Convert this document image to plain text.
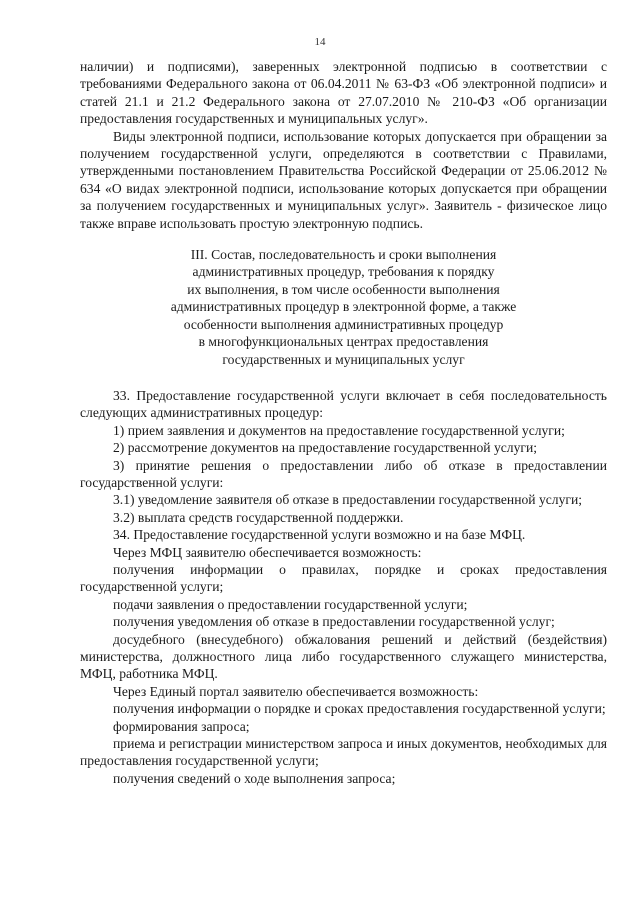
14

наличии) и подписями), заверенных электронной подписью в соответствии с требованиями Федерального закона от 06.04.2011 № 63-ФЗ «Об электронной подписи» и статей 21.1 и 21.2 Федерального закона от 27.07.2010 № 210-ФЗ «Об организации предоставления государственных и муниципальных услуг».

Виды электронной подписи, использование которых допускается при обращении за получением государственной услуги, определяются в соответствии с Правилами, утвержденными постановлением Правительства Российской Федерации от 25.06.2012 № 634 «О видах электронной подписи, использование которых допускается при обращении за получением государственных и муниципальных услуг». Заявитель - физическое лицо также вправе использовать простую электронную подпись.

III. Состав, последовательность и сроки выполнения
административных процедур, требования к порядку
их выполнения, в том числе особенности выполнения
административных процедур в электронной форме, а также
особенности выполнения административных процедур
в многофункциональных центрах предоставления
государственных и муниципальных услуг

33. Предоставление государственной услуги включает в себя последовательность следующих административных процедур:

1) прием заявления и документов на предоставление государственной услуги;

2) рассмотрение документов на предоставление государственной услуги;

3) принятие решения о предоставлении либо об отказе в предоставлении государственной услуги:

3.1) уведомление заявителя об отказе в предоставлении государственной услуги;

3.2) выплата средств государственной поддержки.

34. Предоставление государственной услуги возможно и на базе МФЦ.

Через МФЦ заявителю обеспечивается возможность:

получения информации о правилах, порядке и сроках предоставления государственной услуги;

подачи заявления о предоставлении государственной услуги;

получения уведомления об отказе в предоставлении государственной услуг;

досудебного (внесудебного) обжалования решений и действий (бездействия) министерства, должностного лица либо государственного служащего министерства, МФЦ, работника МФЦ.

Через Единый портал заявителю обеспечивается возможность:

получения информации о порядке и сроках предоставления государственной услуги;

формирования запроса;

приема и регистрации министерством запроса и иных документов, необходимых для предоставления государственной услуги;

получения сведений о ходе выполнения запроса;
